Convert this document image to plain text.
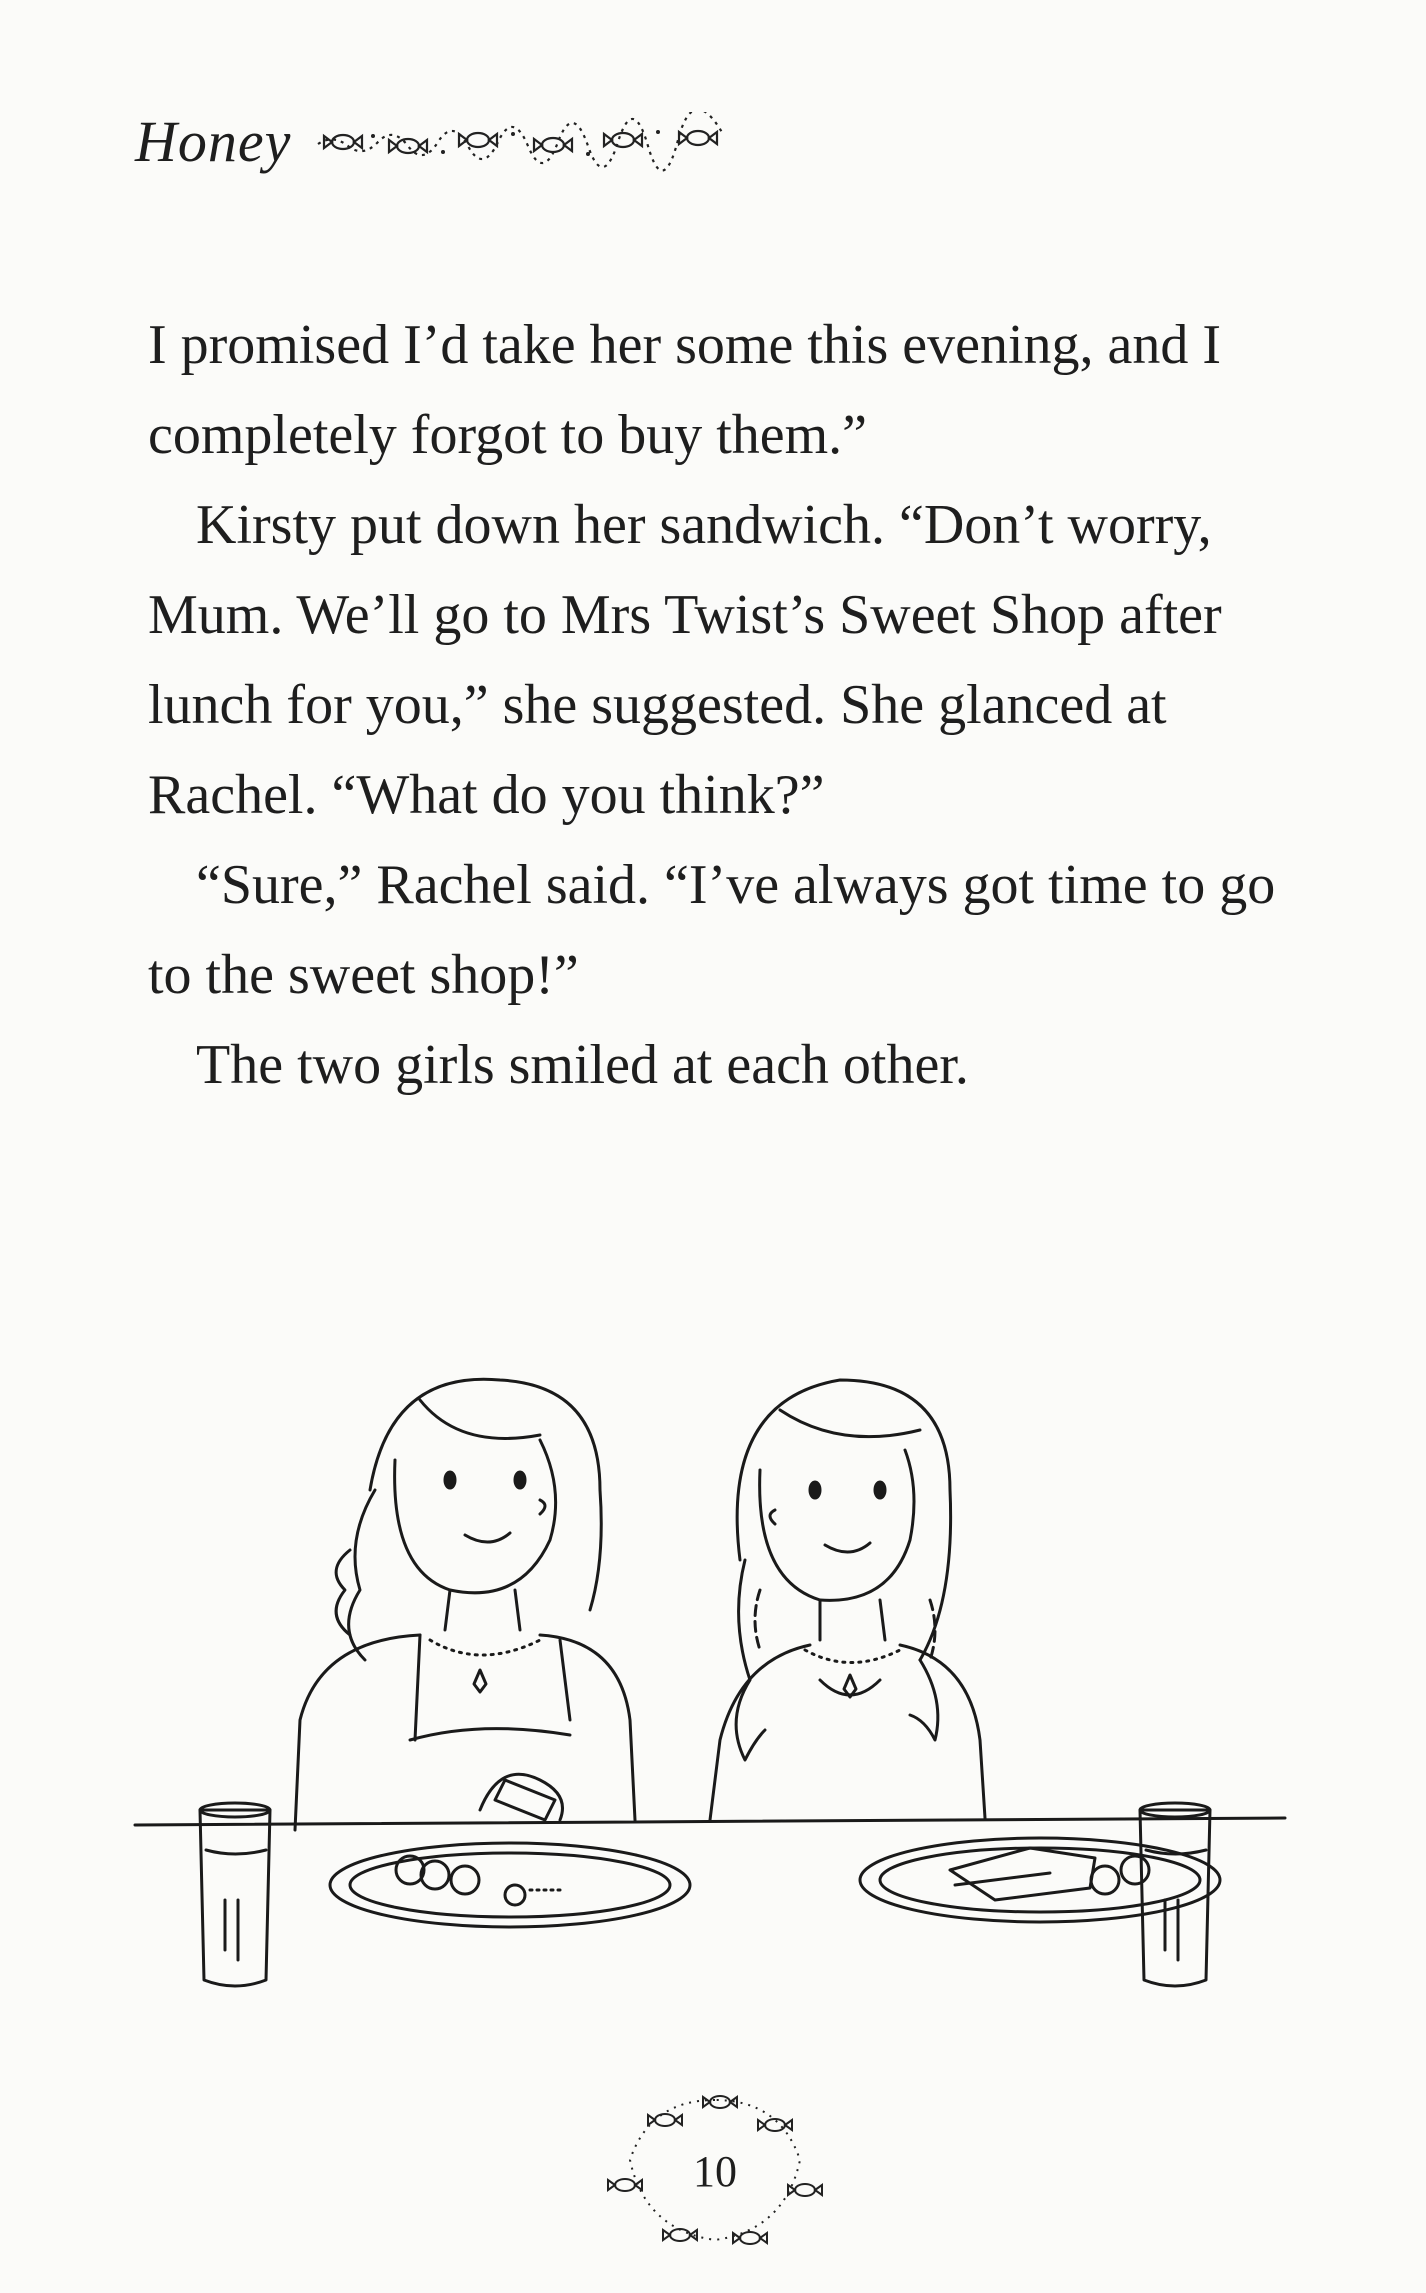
Honey

I promised I’d take her some this evening, and I completely forgot to buy them.”

Kirsty put down her sandwich. “Don’t worry, Mum. We’ll go to Mrs Twist’s Sweet Shop after lunch for you,” she suggested. She glanced at Rachel. “What do you think?”

“Sure,” Rachel said. “I’ve always got time to go to the sweet shop!”

The two girls smiled at each other.

10
